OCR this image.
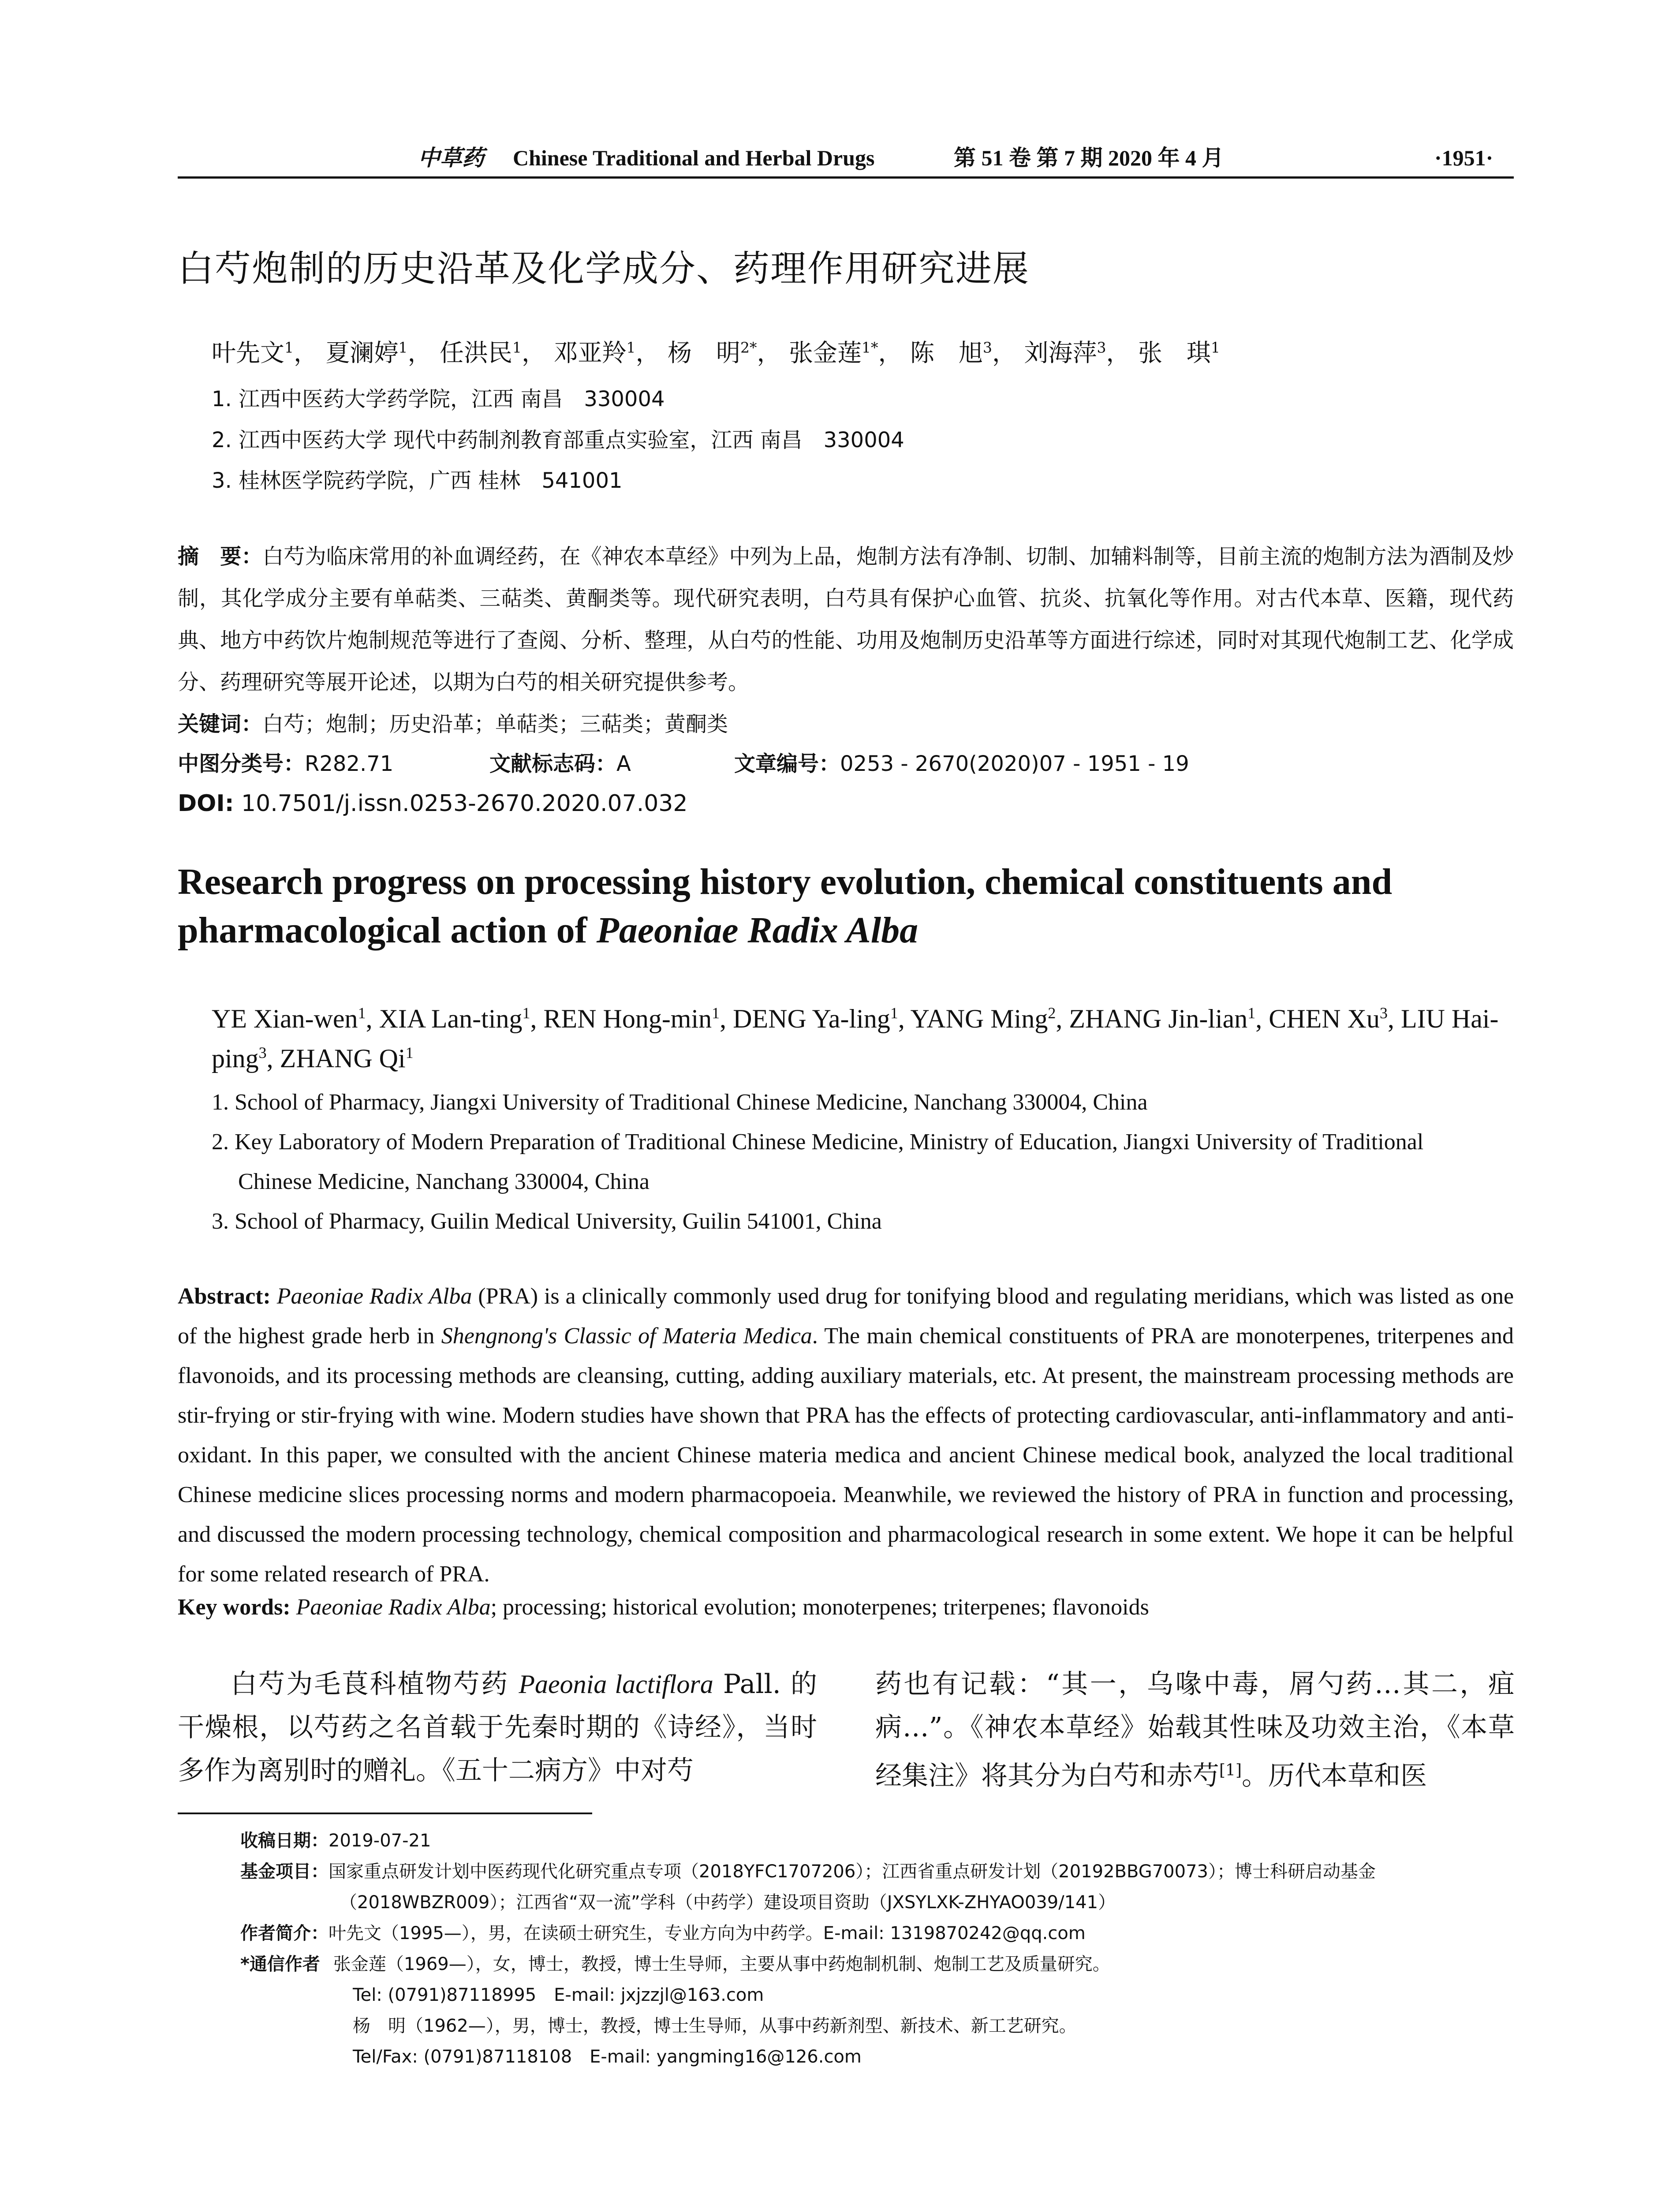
中草药 Chinese Traditional and Herbal Drugs	第 51 卷 第 7 期 2020 年 4 月	·1951·
白芍炮制的历史沿革及化学成分、药理作用研究进展
叶先文$^1$， 夏澜婷$^1$， 任洪民$^1$， 邓亚羚$^1$， 杨　明$^{2*}$， 张金莲$^{1*}$， 陈　旭$^3$， 刘海萍$^3$， 张　琪$^1$
1. 江西中医药大学药学院，江西 南昌　330004
2. 江西中医药大学 现代中药制剂教育部重点实验室，江西 南昌　330004
3. 桂林医学院药学院，广西 桂林　541001
摘　要：白芍为临床常用的补血调经药，在《神农本草经》中列为上品，炮制方法有净制、切制、加辅料制等，目前主流的炮制方法为酒制及炒制，其化学成分主要有单萜类、三萜类、黄酮类等。现代研究表明，白芍具有保护心血管、抗炎、抗氧化等作用。对古代本草、医籍，现代药典、地方中药饮片炮制规范等进行了查阅、分析、整理，从白芍的性能、功用及炮制历史沿革等方面进行综述，同时对其现代炮制工艺、化学成分、药理研究等展开论述，以期为白芍的相关研究提供参考。
关键词：白芍；炮制；历史沿革；单萜类；三萜类；黄酮类
中图分类号：R282.71	文献标志码：A	文章编号：0253 - 2670(2020)07 - 1951 - 19
DOI: 10.7501/j.issn.0253-2670.2020.07.032
Research progress on processing history evolution, chemical constituents and
pharmacological action of Paeoniae Radix Alba
YE Xian-wen$^1$, XIA Lan-ting$^1$, REN Hong-$\min^1$, DENG Ya-ling$^1$, YANG Ming$^2$, ZHANG Jin-lian$^1$, CHEN Xu$^3$, LIU Hai-ping$^3$, ZHANG Qi$^1$
1. School of Pharmacy, Jiangxi University of Traditional Chinese Medicine, Nanchang 330004, China
2. Key Laboratory of Modern Preparation of Traditional Chinese Medicine, Ministry of Education, Jiangxi University of Traditional
Chinese Medicine, Nanchang 330004, China
3. School of Pharmacy, Guilin Medical University, Guilin 541001, China
Abstract: Paeoniae Radix Alba (PRA) is a clinically commonly used drug for tonifying blood and regulating meridians, which was listed as one of the highest grade herb in Shengnong's Classic of Materia Medica. The main chemical constituents of PRA are monoterpenes, triterpenes and flavonoids, and its processing methods are cleansing, cutting, adding auxiliary materials, etc. At present, the mainstream processing methods are stir-frying or stir-frying with wine. Modern studies have shown that PRA has the effects of protecting cardiovascular, anti-inflammatory and anti-oxidant. In this paper, we consulted with the ancient Chinese materia medica and ancient Chinese medical book, analyzed the local traditional Chinese medicine slices processing norms and modern pharmacopoeia. Meanwhile, we reviewed the history of PRA in function and processing, and discussed the modern processing technology, chemical composition and pharmacological research in some extent. We hope it can be helpful for some related research of PRA.
Key words: Paeoniae Radix Alba; processing; historical evolution; monoterpenes; triterpenes; flavonoids
白芍为毛茛科植物芍药 Paeonia lactiflora Pall. 的干燥根，以芍药之名首载于先秦时期的《诗经》，当时多作为离别时的赠礼。《五十二病方》中对芍
药也有记载：“其一，乌喙中毒，屑勺药…其二，疽病…”。《神农本草经》始载其性味及功效主治，《本草经集注》将其分为白芍和赤芍[1]。历代本草和医
收稿日期：2019-07-21
基金项目：国家重点研发计划中医药现代化研究重点专项（2018YFC1707206）；江西省重点研发计划（20192BBG70073）；博士科研启动基金
（2018WBZR009）；江西省“双一流”学科（中药学）建设项目资助（JXSYLXK-ZHYAO039/141）
作者简介：叶先文（1995—），男，在读硕士研究生，专业方向为中药学。E-mail: 1319870242@qq.com
*通信作者 张金莲（1969—），女，博士，教授，博士生导师，主要从事中药炮制机制、炮制工艺及质量研究。
Tel: (0791)87118995　E-mail: jxjzzjl@163.com
杨　明（1962—），男，博士，教授，博士生导师，从事中药新剂型、新技术、新工艺研究。
Tel/Fax: (0791)87118108　E-mail: yangming16@126.com
